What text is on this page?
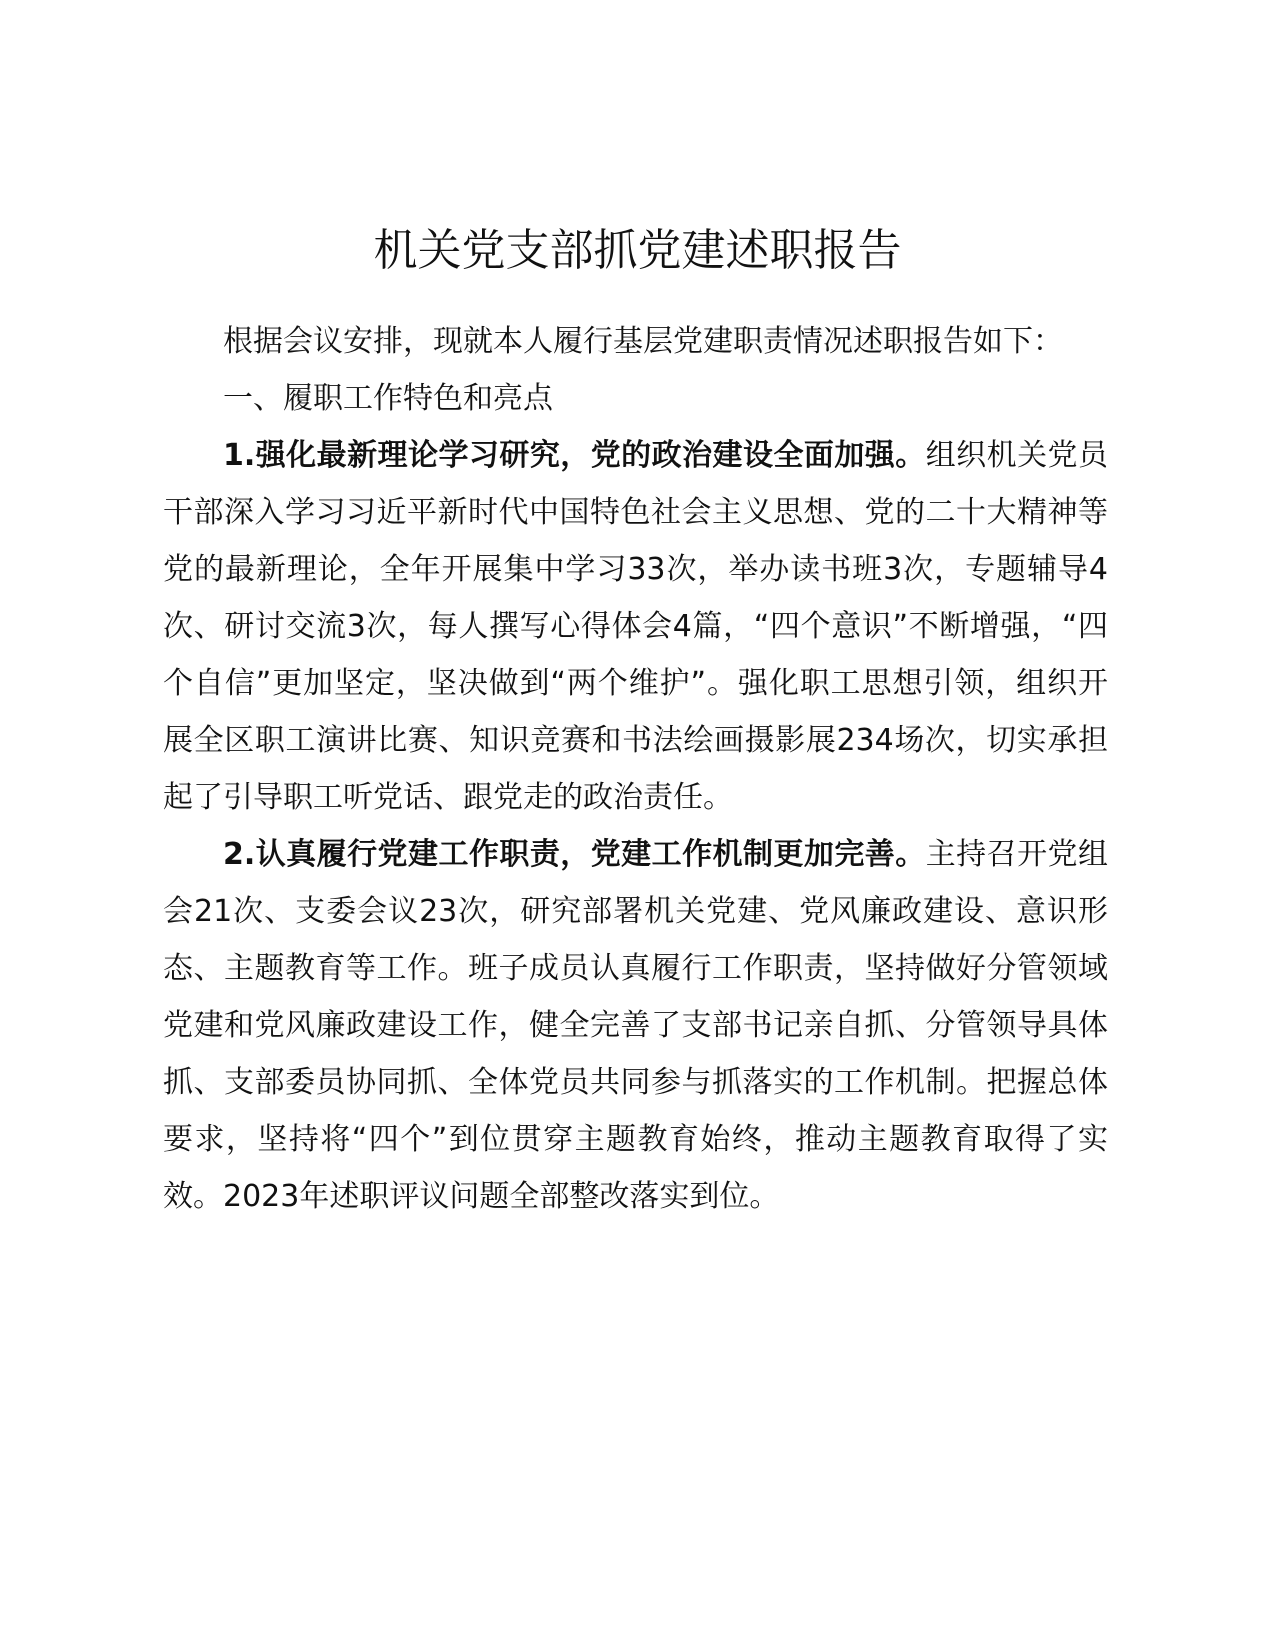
机关党支部抓党建述职报告

根据会议安排，现就本人履行基层党建职责情况述职报告如下：

一、履职工作特色和亮点

1.强化最新理论学习研究，党的政治建设全面加强。组织机关党员干部深入学习习近平新时代中国特色社会主义思想、党的二十大精神等党的最新理论，全年开展集中学习33次，举办读书班3次，专题辅导4次、研讨交流3次，每人撰写心得体会4篇，“四个意识”不断增强，“四个自信”更加坚定，坚决做到“两个维护”。强化职工思想引领，组织开展全区职工演讲比赛、知识竞赛和书法绘画摄影展234场次，切实承担起了引导职工听党话、跟党走的政治责任。

2.认真履行党建工作职责，党建工作机制更加完善。主持召开党组会21次、支委会议23次，研究部署机关党建、党风廉政建设、意识形态、主题教育等工作。班子成员认真履行工作职责，坚持做好分管领域党建和党风廉政建设工作，健全完善了支部书记亲自抓、分管领导具体抓、支部委员协同抓、全体党员共同参与抓落实的工作机制。把握总体要求，坚持将“四个”到位贯穿主题教育始终，推动主题教育取得了实效。2023年述职评议问题全部整改落实到位。
